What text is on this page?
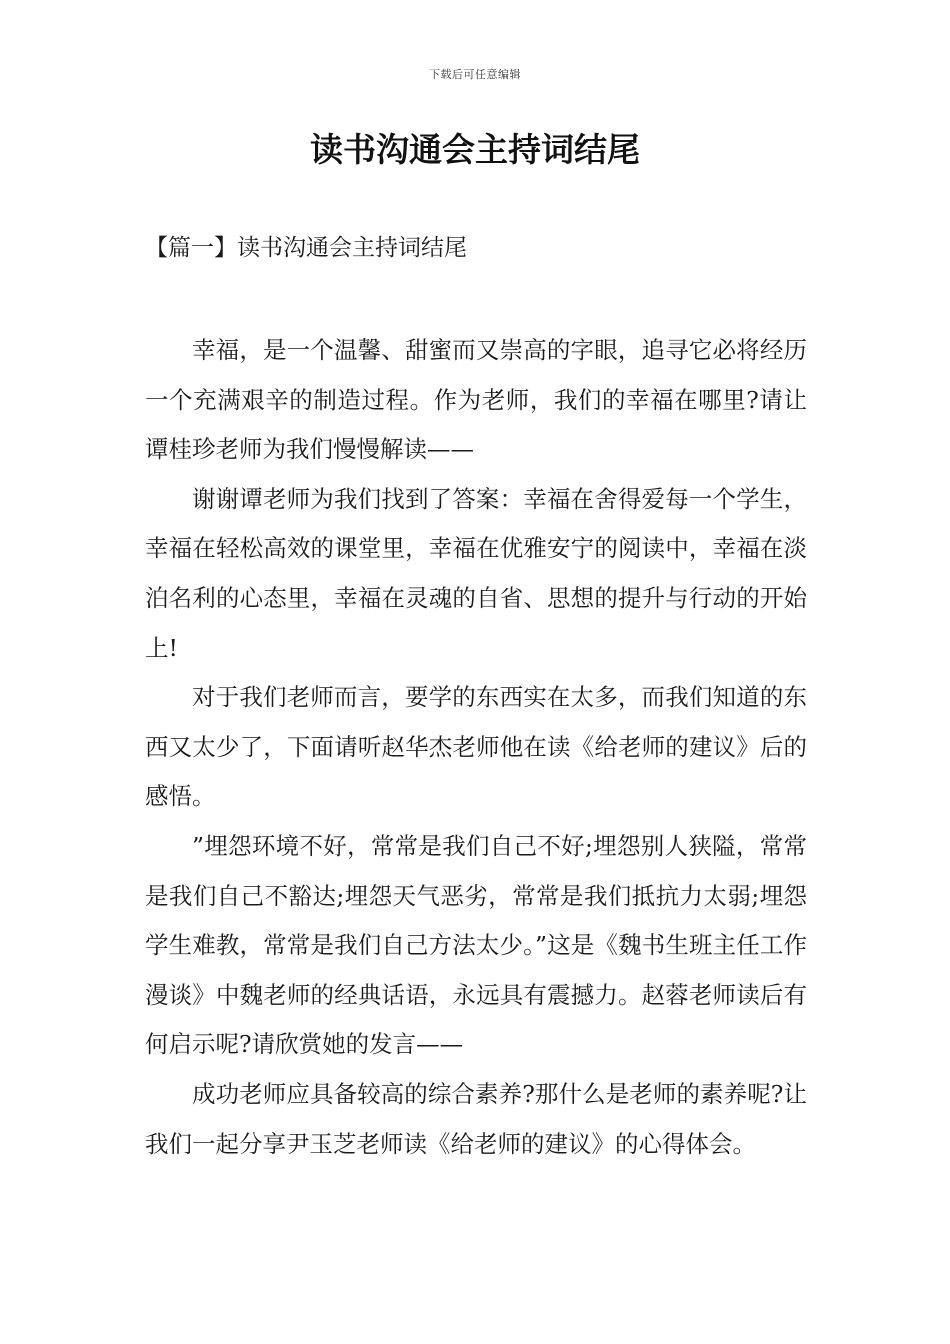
下载后可任意编辑
读书沟通会主持词结尾
【篇一】读书沟通会主持词结尾

幸福，是一个温馨、甜蜜而又崇高的字眼，追寻它必将经历一个充满艰辛的制造过程。作为老师，我们的幸福在哪里?请让谭桂珍老师为我们慢慢解读——

谢谢谭老师为我们找到了答案：幸福在舍得爱每一个学生，幸福在轻松高效的课堂里，幸福在优雅安宁的阅读中，幸福在淡泊名利的心态里，幸福在灵魂的自省、思想的提升与行动的开始上!

对于我们老师而言，要学的东西实在太多，而我们知道的东西又太少了，下面请听赵华杰老师他在读《给老师的建议》后的感悟。

”埋怨环境不好，常常是我们自己不好;埋怨别人狭隘，常常是我们自己不豁达;埋怨天气恶劣，常常是我们抵抗力太弱;埋怨学生难教，常常是我们自己方法太少。”这是《魏书生班主任工作漫谈》中魏老师的经典话语，永远具有震撼力。赵蓉老师读后有何启示呢?请欣赏她的发言——

成功老师应具备较高的综合素养?那什么是老师的素养呢?让我们一起分享尹玉芝老师读《给老师的建议》的心得体会。
